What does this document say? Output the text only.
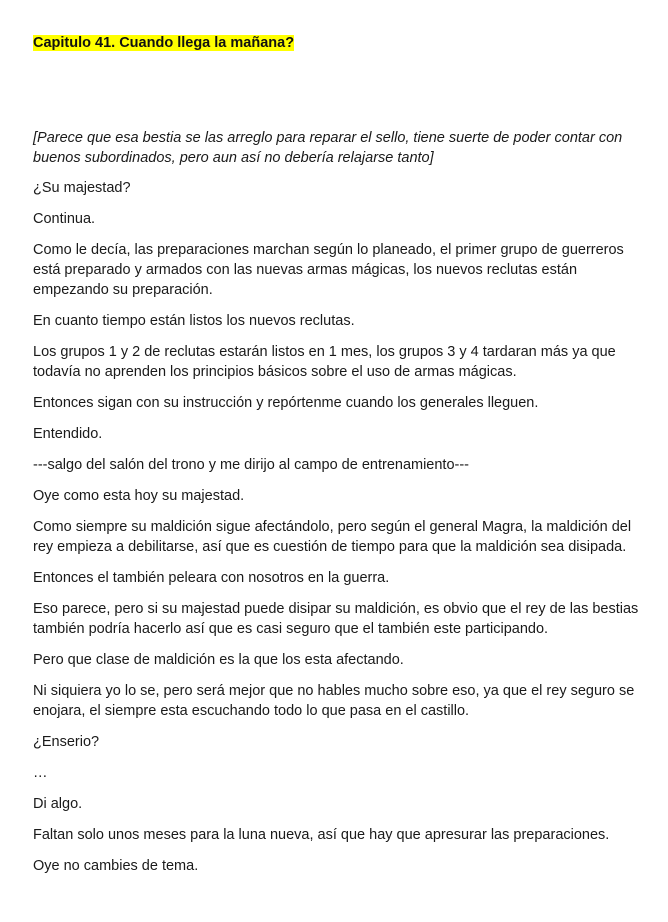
Capitulo 41. Cuando llega la mañana?
[Parece que esa bestia se las arreglo para reparar el sello, tiene suerte de poder contar con buenos subordinados, pero aun así no debería relajarse tanto]
¿Su majestad?
Continua.
Como le decía, las preparaciones marchan según lo planeado, el primer grupo de guerreros está preparado y armados con las nuevas armas mágicas, los nuevos reclutas están empezando su preparación.
En cuanto tiempo están listos los nuevos reclutas.
Los grupos 1 y 2 de reclutas estarán listos en 1 mes, los grupos 3 y 4 tardaran más ya que todavía no aprenden los principios básicos sobre el uso de armas mágicas.
Entonces sigan con su instrucción y repórtenme cuando los generales lleguen.
Entendido.
---salgo del salón del trono y me dirijo al campo de entrenamiento---
Oye como esta hoy su majestad.
Como siempre su maldición sigue afectándolo, pero según el general Magra, la maldición del rey empieza a debilitarse, así que es cuestión de tiempo para que la maldición sea disipada.
Entonces el también peleara con nosotros en la guerra.
Eso parece, pero si su majestad puede disipar su maldición, es obvio que el rey de las bestias también podría hacerlo así que es casi seguro que el también este participando.
Pero que clase de maldición es la que los esta afectando.
Ni siquiera yo lo se, pero será mejor que no hables mucho sobre eso, ya que el rey seguro se enojara, el siempre esta escuchando todo lo que pasa en el castillo.
¿Enserio?
…
Di algo.
Faltan solo unos meses para la luna nueva, así que hay que apresurar las preparaciones.
Oye no cambies de tema.
